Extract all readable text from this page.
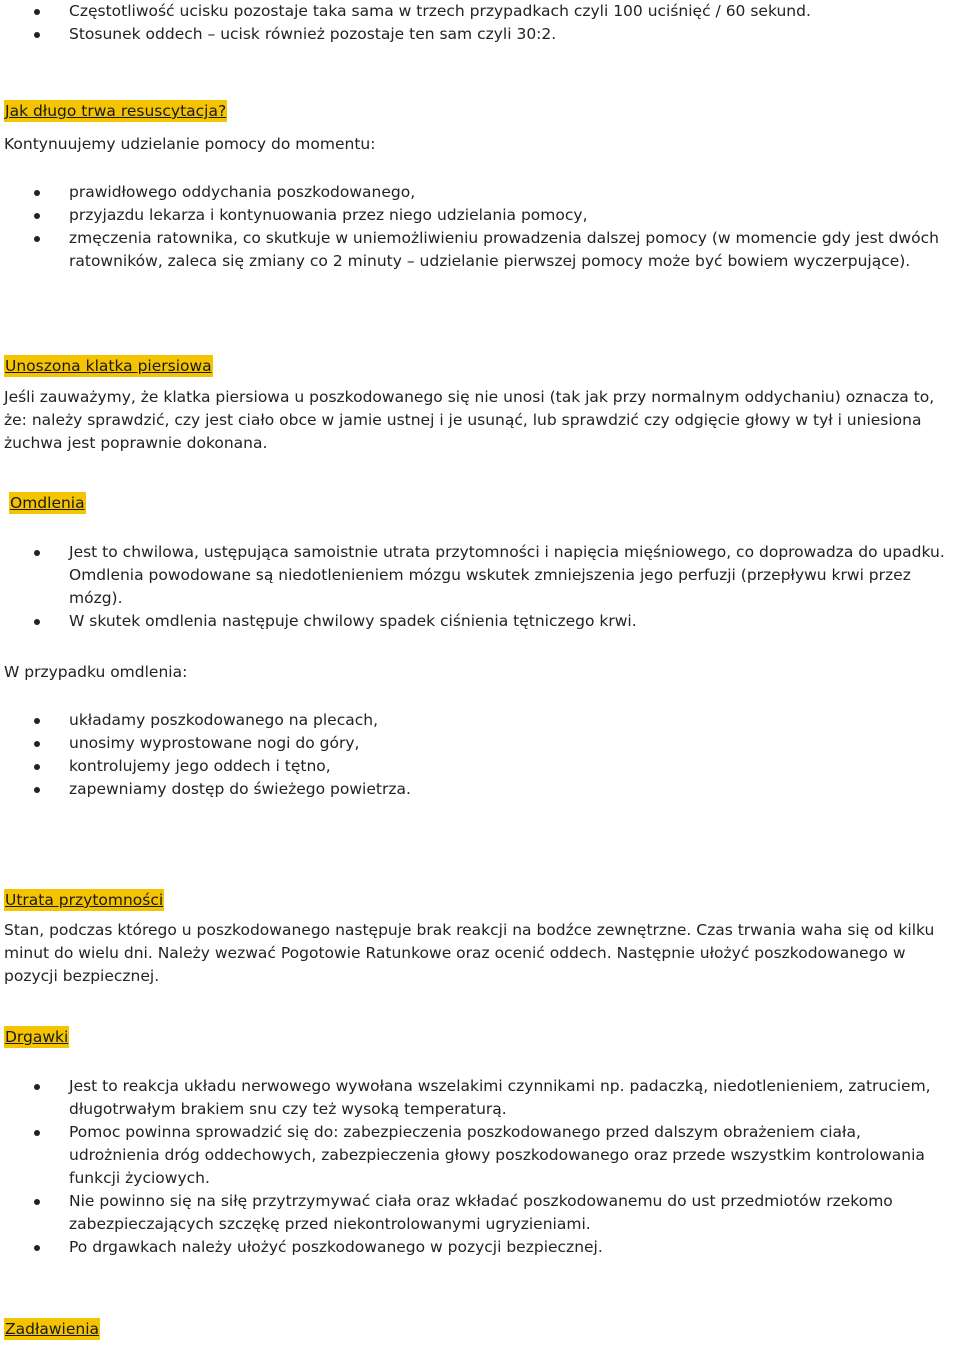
Częstotliwość ucisku pozostaje taka sama w trzech przypadkach czyli 100 uciśnięć / 60 sekund.
Stosunek oddech – ucisk również pozostaje ten sam czyli 30:2.
Jak długo trwa resuscytacja?

Kontynuujemy udzielanie pomocy do momentu:

prawidłowego oddychania poszkodowanego,
przyjazdu lekarza i kontynuowania przez niego udzielania pomocy,
zmęczenia ratownika, co skutkuje w uniemożliwieniu prowadzenia dalszej pomocy (w momencie gdy jest dwóch ratowników, zaleca się zmiany co 2 minuty – udzielanie pierwszej pomocy może być bowiem wyczerpujące).
Unoszona klatka piersiowa

Jeśli zauważymy, że klatka piersiowa u poszkodowanego się nie unosi (tak jak przy normalnym oddychaniu) oznacza to, że: należy sprawdzić, czy jest ciało obce w jamie ustnej i je usunąć, lub sprawdzić czy odgięcie głowy w tył i uniesiona żuchwa jest poprawnie dokonana.

Omdlenia
Jest to chwilowa, ustępująca samoistnie utrata przytomności i napięcia mięśniowego, co doprowadza do upadku. Omdlenia powodowane są niedotlenieniem mózgu wskutek zmniejszenia jego perfuzji (przepływu krwi przez mózg).
W skutek omdlenia następuje chwilowy spadek ciśnienia tętniczego krwi.

W przypadku omdlenia:

układamy poszkodowanego na plecach,
unosimy wyprostowane nogi do góry,
kontrolujemy jego oddech i tętno,
zapewniamy dostęp do świeżego powietrza.
Utrata przytomności

Stan, podczas którego u poszkodowanego następuje brak reakcji na bodźce zewnętrzne. Czas trwania waha się od kilku minut do wielu dni. Należy wezwać Pogotowie Ratunkowe oraz ocenić oddech. Następnie ułożyć poszkodowanego w pozycji bezpiecznej.

Drgawki
Jest to reakcja układu nerwowego wywołana wszelakimi czynnikami np. padaczką, niedotlenieniem, zatruciem, długotrwałym brakiem snu czy też wysoką temperaturą.
Pomoc powinna sprowadzić się do: zabezpieczenia poszkodowanego przed dalszym obrażeniem ciała, udrożnienia dróg oddechowych, zabezpieczenia głowy poszkodowanego oraz przede wszystkim kontrolowania funkcji życiowych.
Nie powinno się na siłę przytrzymywać ciała oraz wkładać poszkodowanemu do ust przedmiotów rzekomo zabezpieczających szczękę przed niekontrolowanymi ugryzieniami.
Po drgawkach należy ułożyć poszkodowanego w pozycji bezpiecznej.
Zadławienia
